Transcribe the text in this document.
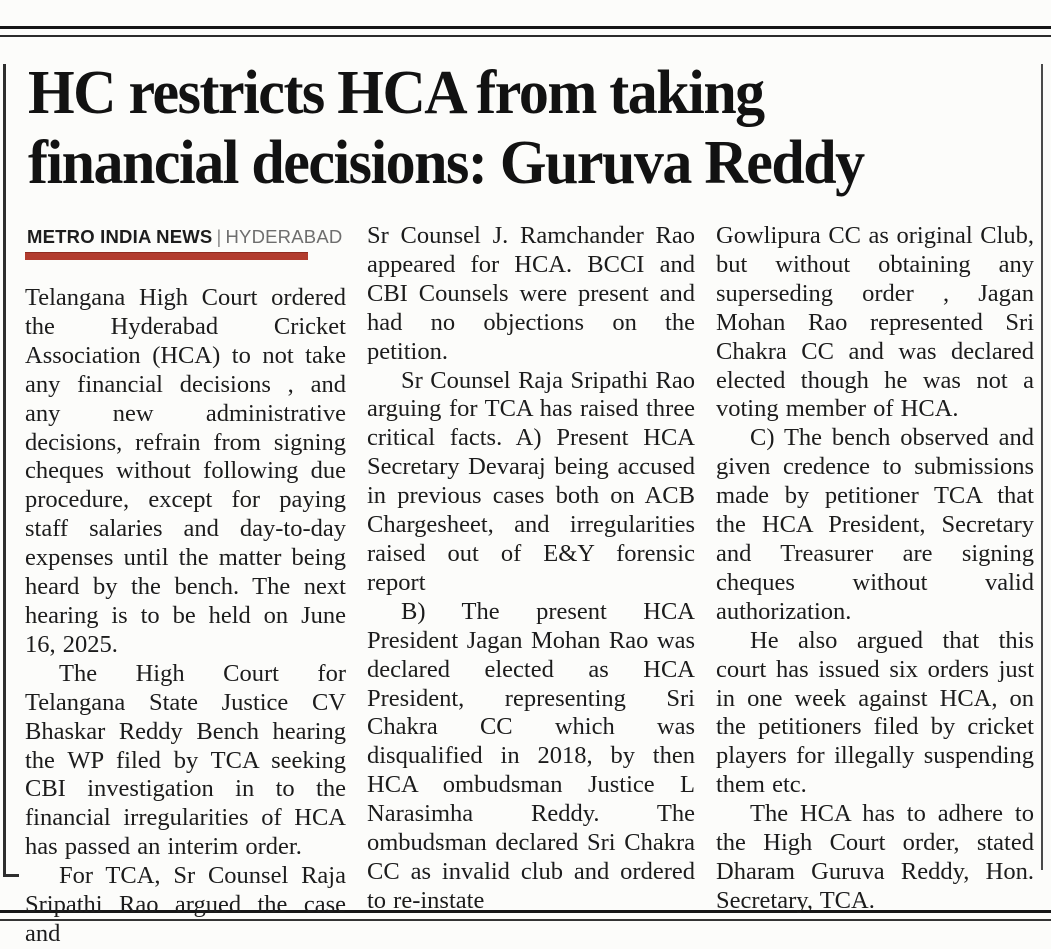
HC restricts HCA from taking
financial decisions: Guruva Reddy
METRO INDIA NEWS | HYDERABAD

Telangana High Court ordered the Hyderabad Cricket Association (HCA) to not take any financial decisions , and any new administrative decisions, refrain from signing cheques without following due procedure, except for paying staff salaries and day-to-day expenses until the matter being heard by the bench. The next hearing is to be held on June 16, 2025.

The High Court for Telangana State Justice CV Bhaskar Reddy Bench hearing the WP filed by TCA seeking CBI investigation in to the financial irregularities of HCA has passed an interim order.

For TCA, Sr Counsel Raja Sripathi Rao argued the case and

Sr Counsel J. Ramchander Rao appeared for HCA. BCCI and CBI Counsels were present and had no objections on the petition.

Sr Counsel Raja Sripathi Rao arguing for TCA has raised three critical facts. A) Present HCA Secretary Devaraj being accused in previous cases both on ACB Chargesheet, and irregularities raised out of E&Y forensic report

B) The present HCA President Jagan Mohan Rao was declared elected as HCA President, representing Sri Chakra CC which was disqualified in 2018, by then HCA ombudsman Justice L Narasimha Reddy. The ombudsman declared Sri Chakra CC as invalid club and ordered to re-instate

Gowlipura CC as original Club, but without obtaining any superseding order , Jagan Mohan Rao represented Sri Chakra CC and was declared elected though he was not a voting member of HCA.

C) The bench observed and given credence to submissions made by petitioner TCA that the HCA President, Secretary and Treasurer are signing cheques without valid authorization.

He also argued that this court has issued six orders just in one week against HCA, on the petitioners filed by cricket players for illegally suspending them etc.

The HCA has to adhere to the High Court order, stated Dharam Guruva Reddy, Hon. Secretary, TCA.
